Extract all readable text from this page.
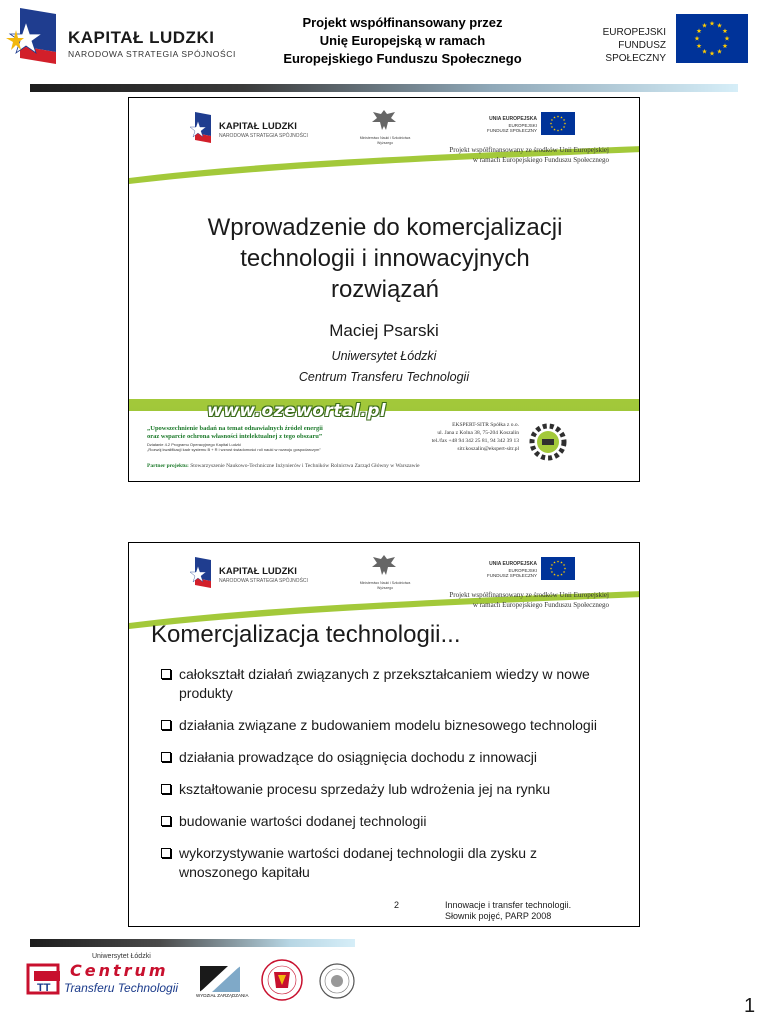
KAPITAŁ LUDZKI
NARODOWA STRATEGIA SPÓJNOŚCI
Projekt współfinansowany przez
Unię Europejską w ramach
Europejskiego Funduszu Społecznego
EUROPEJSKI
FUNDUSZ SPOŁECZNY
KAPITAŁ LUDZKI
NARODOWA STRATEGIA SPÓJNOŚCI	Ministerstwo Nauki i Szkolnictwa Wyższego
UNIA EUROPEJSKA
EUROPEJSKI
FUNDUSZ SPOŁECZNY
Projekt współfinansowany ze środków Unii Europejskiej
w ramach Europejskiego Funduszu Społecznego
Wprowadzenie do komercjalizacji
technologii i innowacyjnych
rozwiązań
Maciej Psarski
Uniwersytet Łódzki
Centrum Transferu Technologii
www.ozewortal.pl
„Upowszechnienie badań na temat odnawialnych źródeł energii
oraz wsparcie ochrona własności intelektualnej z tego obszaru”
Działanie 4.2 Programu Operacyjnego Kapitał Ludzki
„Rozwój kwalifikacji kadr systemu B + R i wzrost świadomości roli nauki w rozwoju gospodarczym”
Partner projektu: Stowarzyszenie Naukowo-Techniczne Inżynierów i Techników Rolnictwa Zarząd Główny w Warszawie
EKSPERT-SITR Spółka z o.o.
ul. Jana z Kolna 38, 75-204 Koszalin
tel./fax +48 94 342 25 81, 94 342 39 13
sitr.koszalin@ekspert-sitr.pl
KAPITAŁ LUDZKI
NARODOWA STRATEGIA SPÓJNOŚCI	Ministerstwo Nauki i Szkolnictwa Wyższego
UNIA EUROPEJSKA
EUROPEJSKI
FUNDUSZ SPOŁECZNY
Projekt współfinansowany ze środków Unii Europejskiej
w ramach Europejskiego Funduszu Społecznego
Komercjalizacja technologii...
całokształt działań związanych z przekształcaniem wiedzy w nowe produkty
działania związane z budowaniem modelu biznesowego technologii
działania prowadzące do osiągnięcia dochodu z innowacji
kształtowanie procesu sprzedaży lub wdrożenia jej na rynku
budowanie wartości dodanej technologii
wykorzystywanie wartości dodanej technologii dla zysku z wnoszonego kapitału
2	Innowacje i transfer technologii.
Słownik pojęć, PARP 2008
TT
Uniwersytet Łódzki
Centrum
Transferu Technologii
WYDZIAŁ ZARZĄDZANIA	1
